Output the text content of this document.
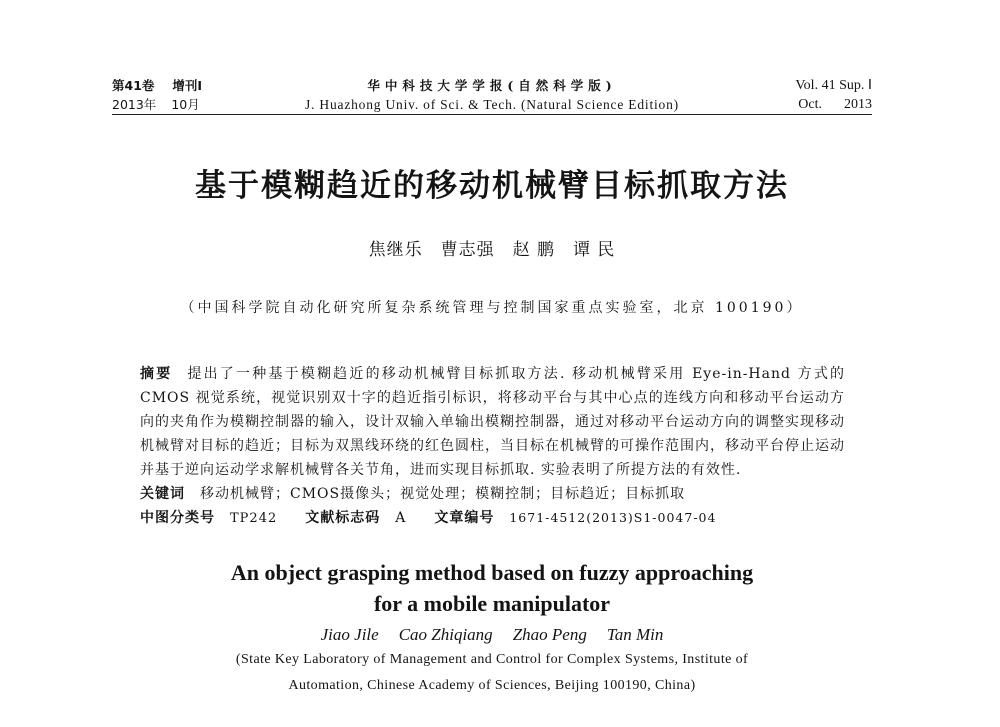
第41卷 增刊Ⅰ
2013年 10月
华中科技大学学报(自然科学版)
J. Huazhong Univ. of Sci. & Tech. (Natural Science Edition)
Vol. 41 Sup. Ⅰ
Oct. 2013
基于模糊趋近的移动机械臂目标抓取方法
焦继乐 曹志强 赵 鹏 谭 民
（中国科学院自动化研究所复杂系统管理与控制国家重点实验室，北京 100190）

摘要 提出了一种基于模糊趋近的移动机械臂目标抓取方法. 移动机械臂采用 Eye-in-Hand 方式的 CMOS 视觉系统，视觉识别双十字的趋近指引标识，将移动平台与其中心点的连线方向和移动平台运动方向的夹角作为模糊控制器的输入，设计双输入单输出模糊控制器，通过对移动平台运动方向的调整实现移动机械臂对目标的趋近；目标为双黑线环绕的红色圆柱，当目标在机械臂的可操作范围内，移动平台停止运动并基于逆向运动学求解机械臂各关节角，进而实现目标抓取. 实验表明了所提方法的有效性.

关键词 移动机械臂；CMOS摄像头；视觉处理；模糊控制；目标趋近；目标抓取

中图分类号 TP242 文献标志码 A 文章编号 1671-4512(2013)S1-0047-04

An object grasping method based on fuzzy approaching
for a mobile manipulator
Jiao Jile Cao Zhiqiang Zhao Peng Tan Min
(State Key Laboratory of Management and Control for Complex Systems, Institute of
Automation, Chinese Academy of Sciences, Beijing 100190, China)
